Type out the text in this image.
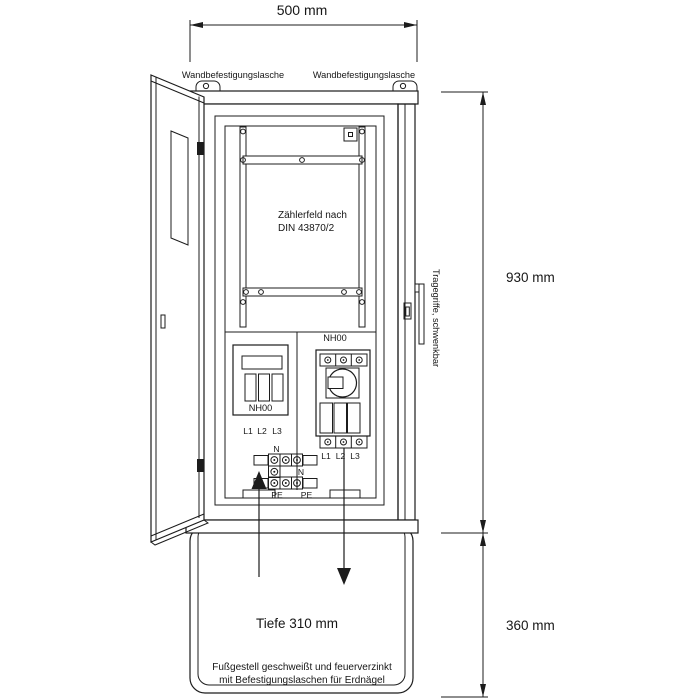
500 mm
Wandbefestigungslasche	Wandbefestigungslasche
Tiefe 310 mm
Fußgestell geschweißt und feuerverzinkt
mit Befestigungslaschen für Erdnägel
Zählerfeld nach
DIN 43870/2
NH00
L1 L2 L3
NH00
L1 L2 L3
N
N
PE PE
Tragegriffe, schwenkbar	930 mm
360 mm
